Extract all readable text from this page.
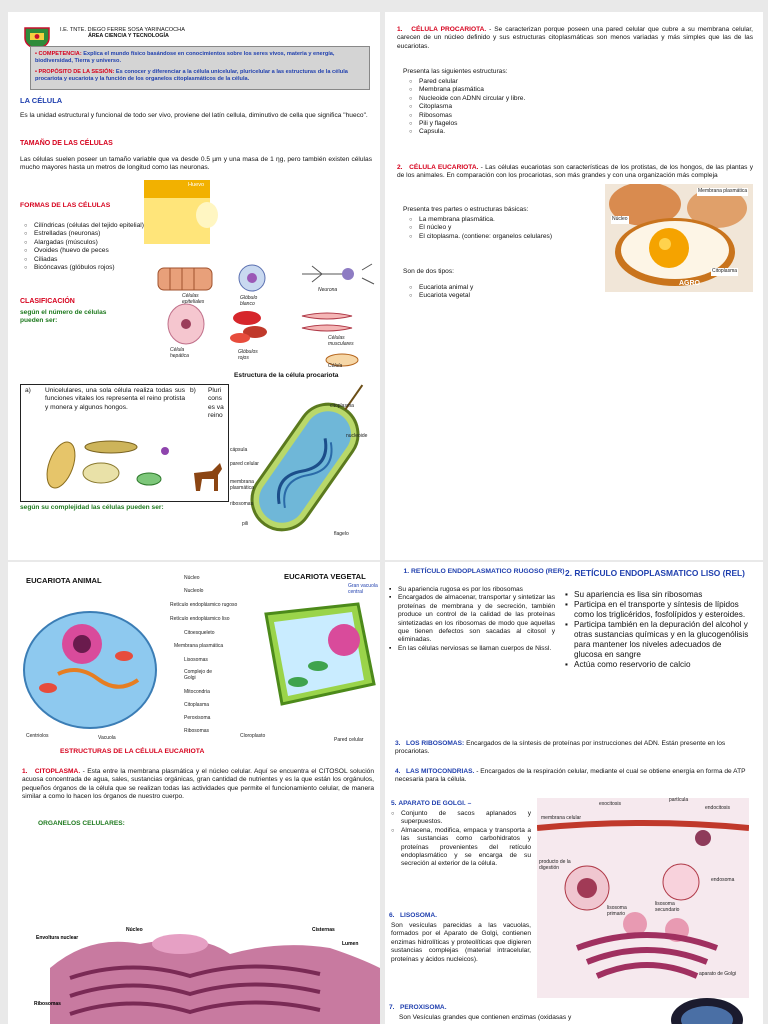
I.E. TNTE. DIEGO FERRE SOSA YARINACOCHA
ÁREA CIENCIA Y TECNOLOGÍA
• COMPETENCIA: Explica el mundo físico basándose en conocimientos sobre los seres vivos, materia y energía, biodiversidad, Tierra y universo.
• PROPÓSITO DE LA SESIÓN: Es conocer y diferenciar a la célula unicelular, pluricelular a las estructuras de la célula procariota y eucariota y la función de los organelos citoplasmáticos de la célula.
LA CÉLULA
Es la unidad estructural y funcional de todo ser vivo, proviene del latín cellula, diminutivo de cella que significa "hueco".
TAMAÑO DE LAS CÉLULAS
Las células suelen poseer un tamaño variable que va desde 0.5 µm y una masa de 1 ηg, pero también existen células mucho mayores hasta un metros de longitud como las neuronas.
Huevo
FORMAS DE LAS CÉLULAS
○ Cilíndricas (células del tejido epitelial)
○ Estrelladas (neuronas)
○ Alargadas (músculos)
○ Ovoides (huevo de peces
○ Ciliadas
○ Bicóncavas (glóbulos rojos)
Células epiteliales
Glóbulo blanco
Neurona
Célula hepática
Glóbulos rojos
Células musculares
Célula
CLASIFICACIÓN
según el número de células pueden ser:
a) Unicelulares, una sola célula realiza todas sus funciones vitales los representa el reino protista y monera y algunos hongos.
b) Pluri cons es va reino
según su complejidad las células pueden ser:
Estructura de la célula procariota
citoplasma
nucleoide
cápsula
pared celular
membrana plasmática
ribosomas
pili
flagelo
1. CÉLULA PROCARIOTA. - Se caracterizan porque poseen una pared celular que cubre a su membrana celular, carecen de un núcleo definido y sus estructuras citoplasmáticas son menos variadas y más simples que las de las eucariotas.
Presenta las siguientes estructuras:
○ Pared celular
○ Membrana plasmática
○ Nucleoide con ADNN circular y libre.
○ Citoplasma
○ Ribosomas
○ Pili y flagelos
○ Capsula.
2. CÉLULA EUCARIOTA. - Las células eucariotas son características de los protistas, de los hongos, de las plantas y de los animales. En comparación con los procariotas, son más grandes y con una organización más compleja
Presenta tres partes o estructuras básicas:
○ La membrana plasmática.
○ El núcleo y
○ El citoplasma. (contiene: organelos celulares)
Son de dos tipos:
○ Eucariota animal y
○ Eucariota vegetal
Membrana plasmática
Núcleo
Citoplasma
AGRO
EUCARIOTA ANIMAL	EUCARIOTA VEGETAL
Núcleo
Nucleolo
Retículo endoplásmico rugoso
Retículo endoplásmico liso
Citoesqueleto
Membrana plasmática
Lisosomas
Complejo de Golgi
Mitocondria
Citoplasma
Peroxisoma
Ribosomas
Centriolos	Vacuola	Cloroplasto
Pared celular
Gran vacuola central
ESTRUCTURAS DE LA CÉLULA EUCARIOTA
1. CITOPLASMA. - Esta entre la membrana plasmática y el núcleo celular. Aquí se encuentra el CITOSOL solución acuosa concentrada de agua, sales, sustancias orgánicas, gran cantidad de nutrientes y es la que están los orgánulos, pequeños órganos de la célula que se realizan todas las actividades que permite el funcionamiento celular, de manera similar a como lo hacen los órganos de nuestro cuerpo.
ORGANELOS CELULARES:
Envoltura nuclear
Núcleo	Cisternas
Lumen
Ribosomas
1. RETÍCULO ENDOPLASMATICO RUGOSO (RER)
▪ Su apariencia rugosa es por los ribosomas
▪ Encargados de almacenar, transportar y sintetizar las proteínas de membrana y de secreción, también produce un control de la calidad de las proteínas sintetizadas en los ribosomas de modo que aquellas que tienen defectos son sacadas al citosol y eliminadas.
▪ En las células nerviosas se llaman cuerpos de Nissl.
2. RETÍCULO ENDOPLASMATICO LISO (REL)
▪ Su apariencia es lisa sin ribosomas
▪ Participa en el transporte y síntesis de lípidos como los triglicéridos, fosfolípidos y esteroides.
▪ Participa también en la depuración del alcohol y otras sustancias químicas y en la glucogenólisis para mantener los niveles adecuados de glucosa en sangre
▪ Actúa como reservorio de calcio
3. LOS RIBOSOMAS: Encargados de la síntesis de proteínas por instrucciones del ADN. Están presente en los procariotas.
4. LAS MITOCONDRIAS. - Encargados de la respiración celular, mediante el cual se obtiene energía en forma de ATP necesaria para la célula.
5. APARATO DE GOLGI. –
○ Conjunto de sacos aplanados y superpuestos.
○ Almacena, modifica, empaca y transporta a las sustancias como carbohidratos y proteínas provenientes del retículo endoplasmático y se encarga de su secreción al exterior de la célula.
exocitosis
partícula
endocitosis
membrana celular
producto de la digestión
endosoma
lisosoma secundario
lisosoma primario
aparato de Golgi
6. LISOSOMA.
Son vesículas parecidas a las vacuolas, formados por el Aparato de Golgi, contienen enzimas hidrolíticas y proteolíticas que digieren sustancias complejas (material intracelular, proteínas y ácidos nucleicos).
7. PEROXISOMA.
Son Vesículas grandes que contienen enzimas (oxidasas y
